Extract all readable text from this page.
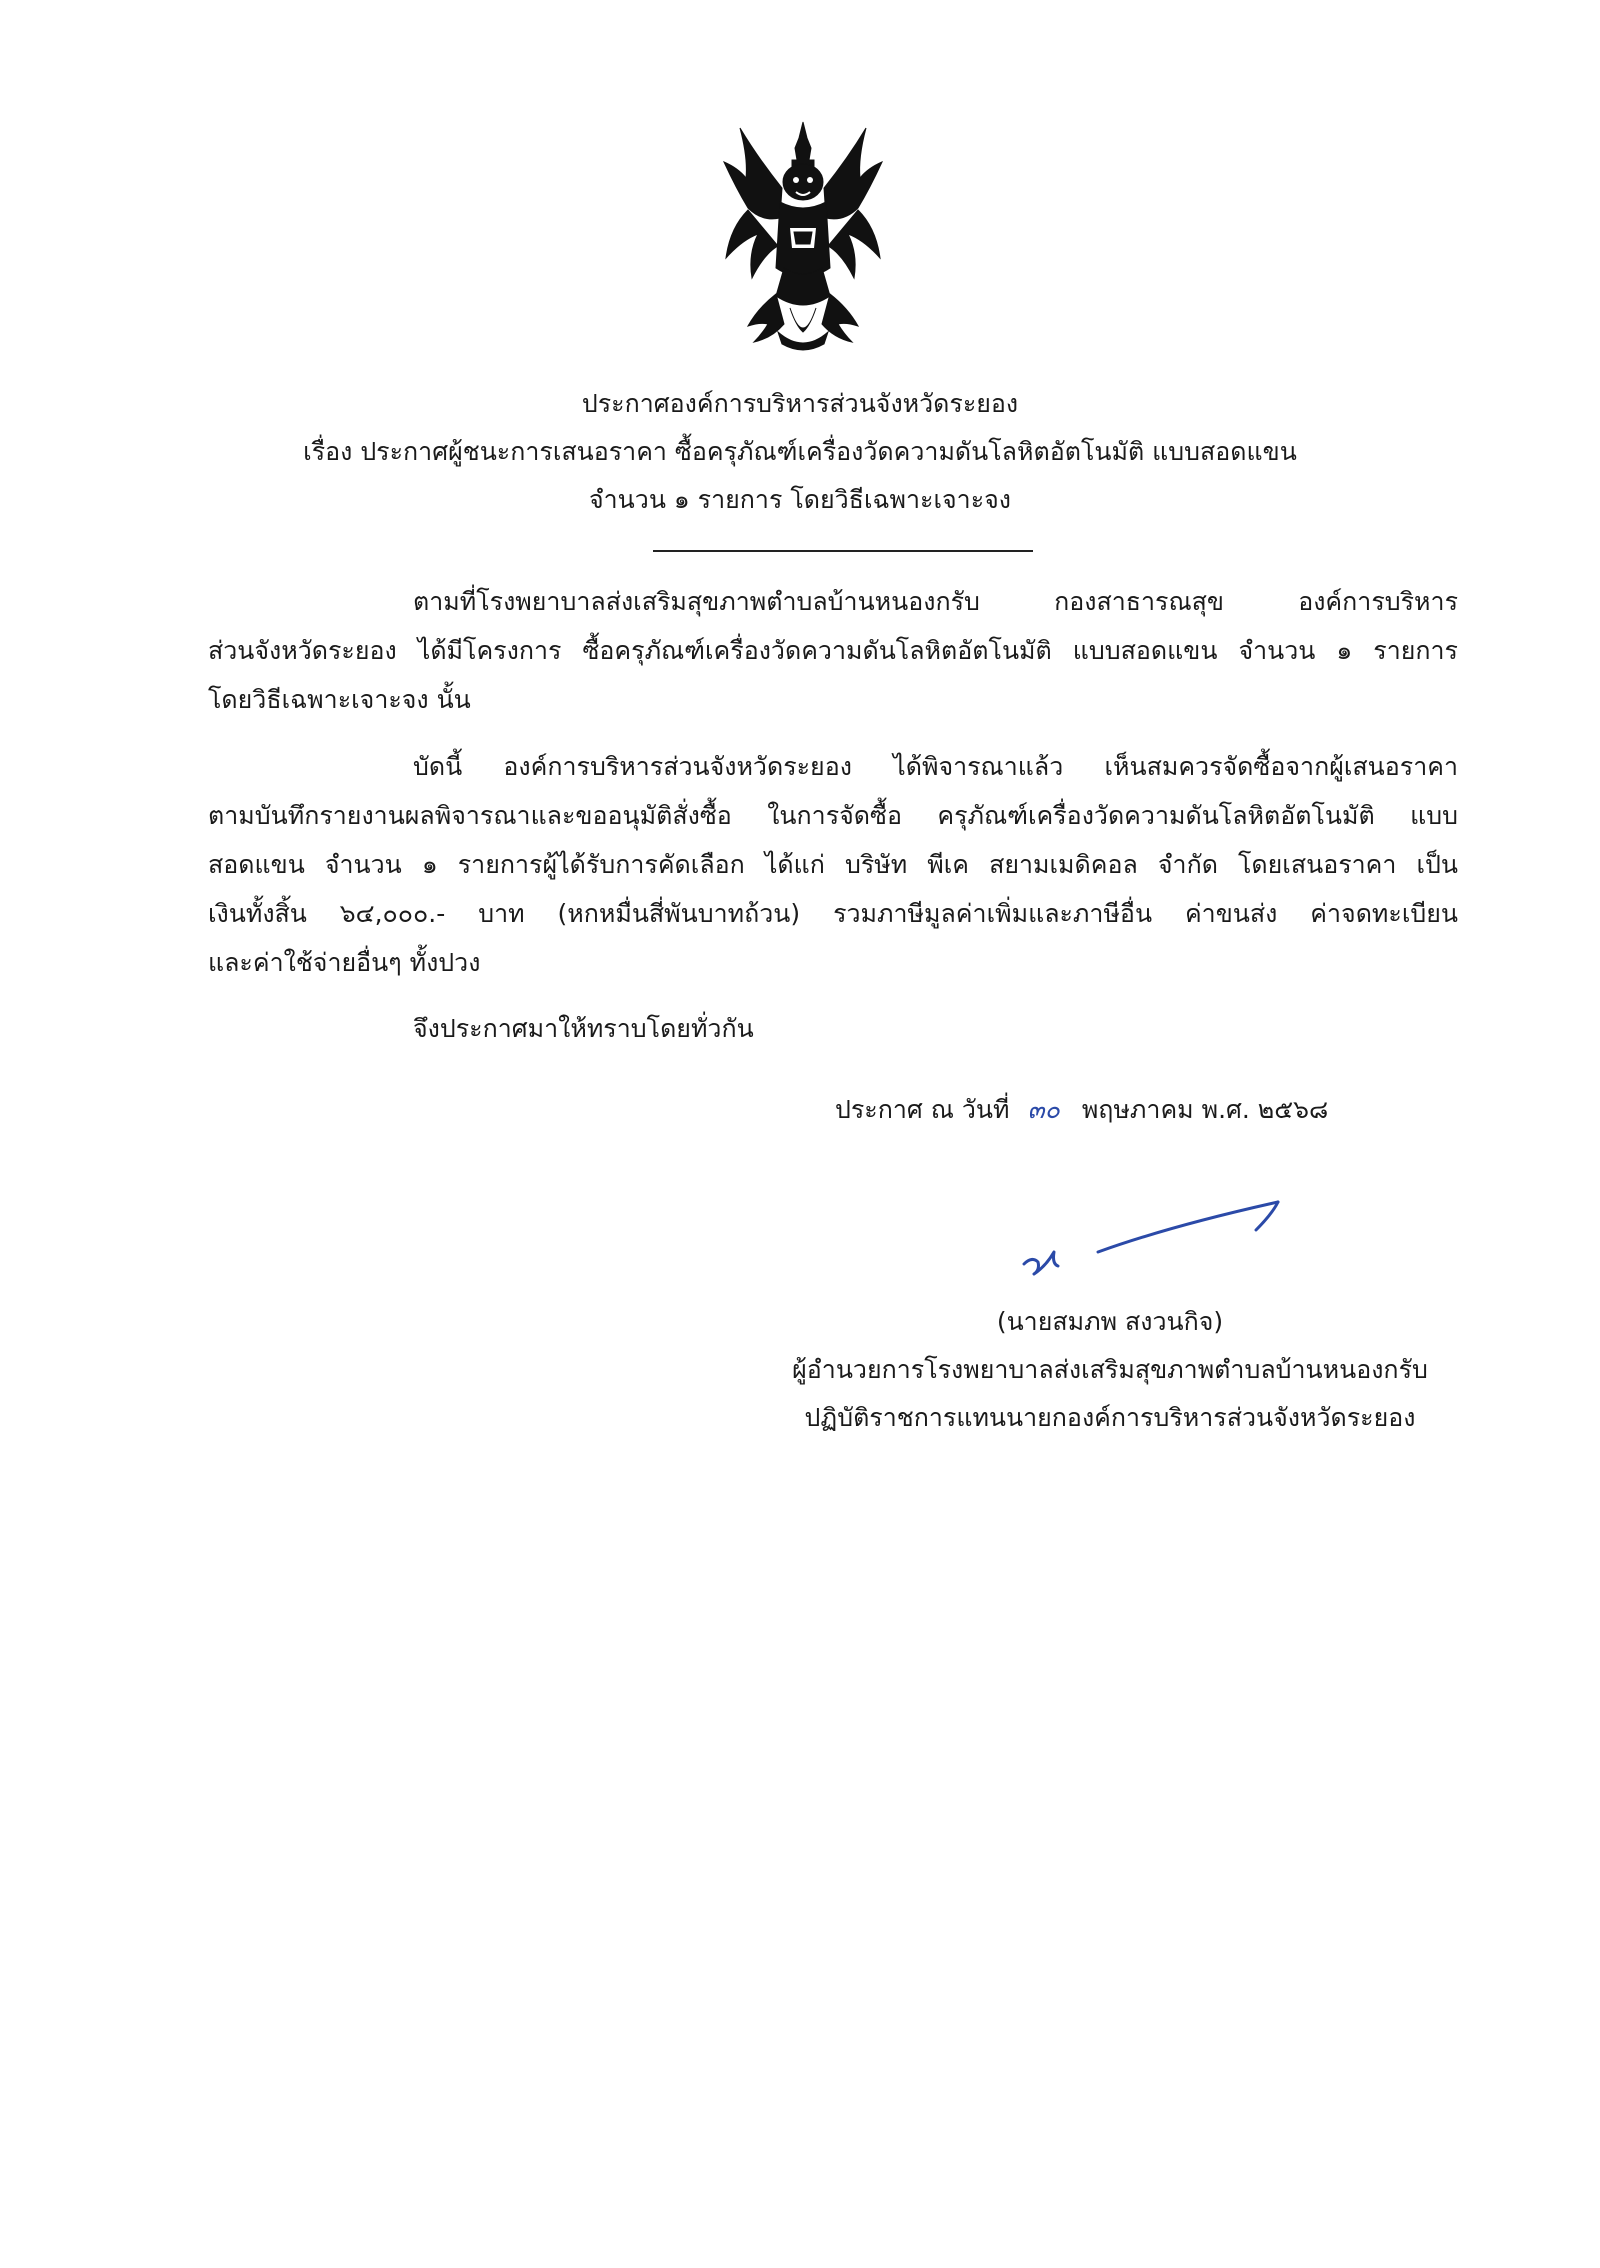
ประกาศองค์การบริหารส่วนจังหวัดระยอง
เรื่อง ประกาศผู้ชนะการเสนอราคา ซื้อครุภัณฑ์เครื่องวัดความดันโลหิตอัตโนมัติ แบบสอดแขน
จำนวน ๑ รายการ โดยวิธีเฉพาะเจาะจง
ตามที่โรงพยาบาลส่งเสริมสุขภาพตำบลบ้านหนองกรับ กองสาธารณสุข องค์การบริหาร
ส่วนจังหวัดระยอง ได้มีโครงการ ซื้อครุภัณฑ์เครื่องวัดความดันโลหิตอัตโนมัติ แบบสอดแขน จำนวน ๑ รายการ
โดยวิธีเฉพาะเจาะจง นั้น
บัดนี้ องค์การบริหารส่วนจังหวัดระยอง ได้พิจารณาแล้ว เห็นสมควรจัดซื้อจากผู้เสนอราคา
ตามบันทึกรายงานผลพิจารณาและขออนุมัติสั่งซื้อ ในการจัดซื้อ ครุภัณฑ์เครื่องวัดความดันโลหิตอัตโนมัติ แบบ
สอดแขน จำนวน ๑ รายการผู้ได้รับการคัดเลือก ได้แก่ บริษัท พีเค สยามเมดิคอล จำกัด โดยเสนอราคา เป็น
เงินทั้งสิ้น ๖๔,๐๐๐.- บาท (หกหมื่นสี่พันบาทถ้วน) รวมภาษีมูลค่าเพิ่มและภาษีอื่น ค่าขนส่ง ค่าจดทะเบียน
และค่าใช้จ่ายอื่นๆ ทั้งปวง
จึงประกาศมาให้ทราบโดยทั่วกัน
ประกาศ ณ วันที่ ๓๐ พฤษภาคม พ.ศ. ๒๕๖๘
(นายสมภพ สงวนกิจ)
ผู้อำนวยการโรงพยาบาลส่งเสริมสุขภาพตำบลบ้านหนองกรับ
ปฏิบัติราชการแทนนายกองค์การบริหารส่วนจังหวัดระยอง
